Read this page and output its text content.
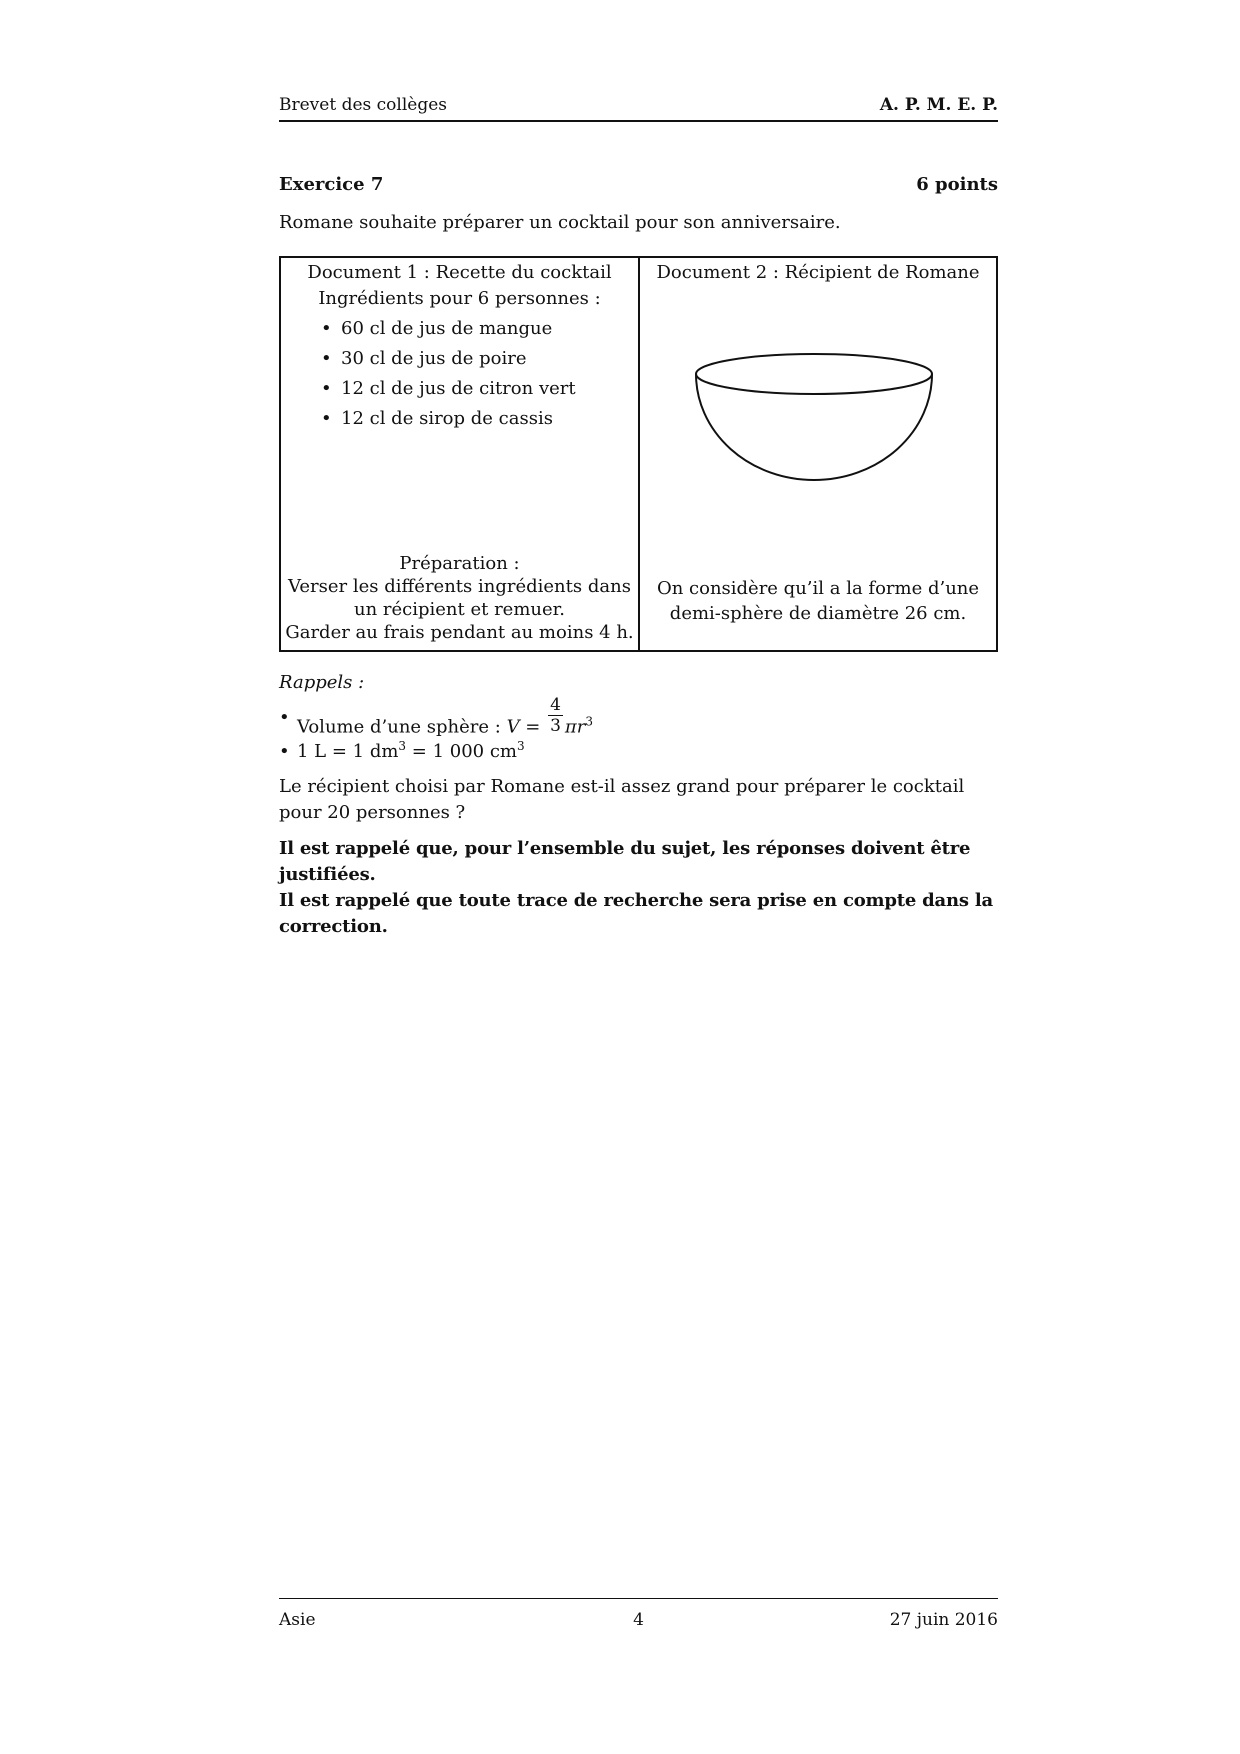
Brevet des collèges	A. P. M. E. P.
Exercice 7	6 points
Romane souhaite préparer un cocktail pour son anniversaire.
Document 1 : Recette du cocktail
Ingrédients pour 6 personnes :
• 60 cl de jus de mangue
• 30 cl de jus de poire
• 12 cl de jus de citron vert
• 12 cl de sirop de cassis
Préparation :
Verser les différents ingrédients dans
un récipient et remuer.
Garder au frais pendant au moins 4 h.
Document 2 : Récipient de Romane
On considère qu’il a la forme d’une
demi-sphère de diamètre 26 cm.
Rappels :
• Volume d’une sphère : $V = \frac{4}{3} \pi r^3$
• 1 L = 1 $dm^3 = 1$ 000 $cm^3$
Le récipient choisi par Romane est-il assez grand pour préparer le cocktail pour 20 personnes ?
Il est rappelé que, pour l’ensemble du sujet, les réponses doivent être justifiées.
Il est rappelé que toute trace de recherche sera prise en compte dans la correction.
Asie	4	27 juin 2016
